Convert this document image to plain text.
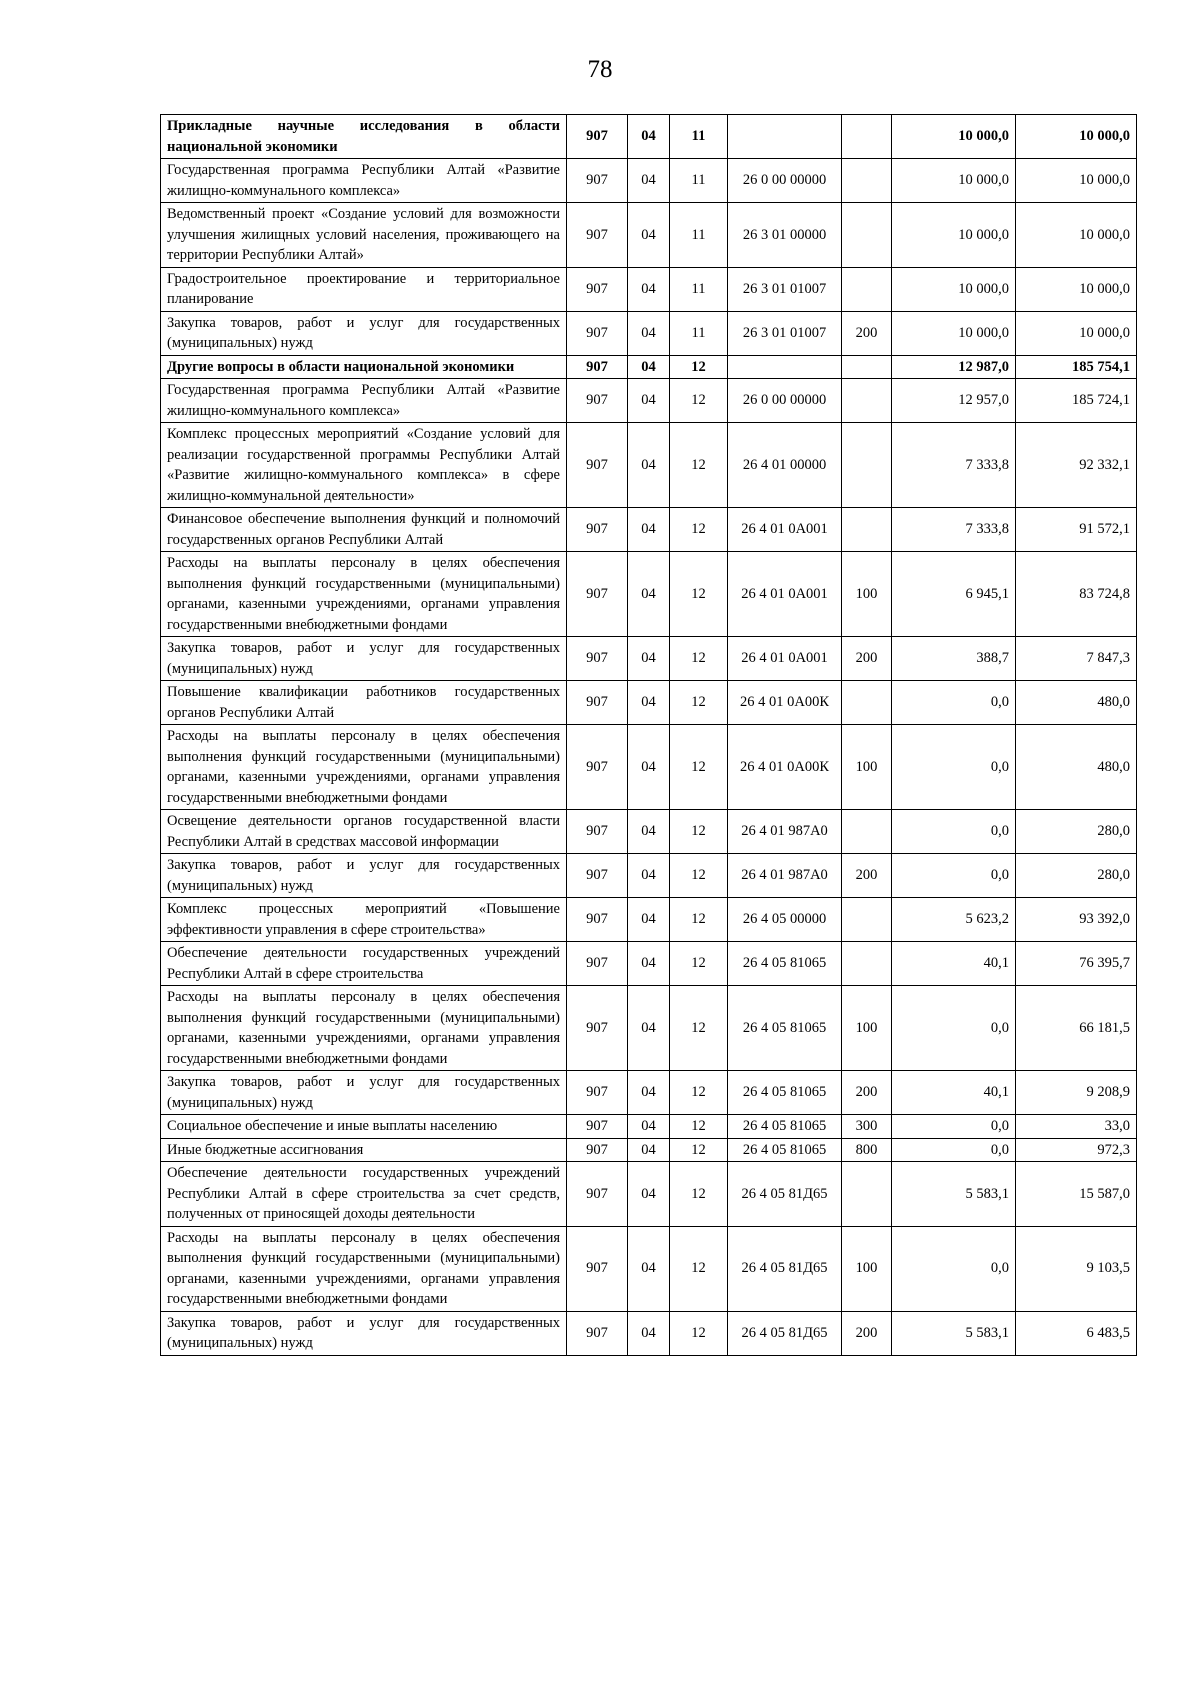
78
Прикладные научные исследования в области национальной экономики	907	04	11			10 000,0	10 000,0
Государственная программа Республики Алтай «Развитие жилищно-коммунального комплекса»	907	04	11	26 0 00 00000		10 000,0	10 000,0
Ведомственный проект «Создание условий для возможности улучшения жилищных условий населения, проживающего на территории Республики Алтай»	907	04	11	26 3 01 00000		10 000,0	10 000,0
Градостроительное проектирование и территориальное планирование	907	04	11	26 3 01 01007		10 000,0	10 000,0
Закупка товаров, работ и услуг для государственных (муниципальных) нужд	907	04	11	26 3 01 01007	200	10 000,0	10 000,0
Другие вопросы в области национальной экономики	907	04	12			12 987,0	185 754,1
Государственная программа Республики Алтай «Развитие жилищно-коммунального комплекса»	907	04	12	26 0 00 00000		12 957,0	185 724,1
Комплекс процессных мероприятий «Создание условий для реализации государственной программы Республики Алтай «Развитие жилищно-коммунального комплекса» в сфере жилищно-коммунальной деятельности»	907	04	12	26 4 01 00000		7 333,8	92 332,1
Финансовое обеспечение выполнения функций и полномочий государственных органов Республики Алтай	907	04	12	26 4 01 0А001		7 333,8	91 572,1
Расходы на выплаты персоналу в целях обеспечения выполнения функций государственными (муниципальными) органами, казенными учреждениями, органами управления государственными внебюджетными фондами	907	04	12	26 4 01 0А001	100	6 945,1	83 724,8
Закупка товаров, работ и услуг для государственных (муниципальных) нужд	907	04	12	26 4 01 0А001	200	388,7	7 847,3
Повышение квалификации работников государственных органов Республики Алтай	907	04	12	26 4 01 0А00К		0,0	480,0
Расходы на выплаты персоналу в целях обеспечения выполнения функций государственными (муниципальными) органами, казенными учреждениями, органами управления государственными внебюджетными фондами	907	04	12	26 4 01 0А00К	100	0,0	480,0
Освещение деятельности органов государственной власти Республики Алтай в средствах массовой информации	907	04	12	26 4 01 987А0		0,0	280,0
Закупка товаров, работ и услуг для государственных (муниципальных) нужд	907	04	12	26 4 01 987А0	200	0,0	280,0
Комплекс процессных мероприятий «Повышение эффективности управления в сфере строительства»	907	04	12	26 4 05 00000		5 623,2	93 392,0
Обеспечение деятельности государственных учреждений Республики Алтай в сфере строительства	907	04	12	26 4 05 81065		40,1	76 395,7
Расходы на выплаты персоналу в целях обеспечения выполнения функций государственными (муниципальными) органами, казенными учреждениями, органами управления государственными внебюджетными фондами	907	04	12	26 4 05 81065	100	0,0	66 181,5
Закупка товаров, работ и услуг для государственных (муниципальных) нужд	907	04	12	26 4 05 81065	200	40,1	9 208,9
Социальное обеспечение и иные выплаты населению	907	04	12	26 4 05 81065	300	0,0	33,0
Иные бюджетные ассигнования	907	04	12	26 4 05 81065	800	0,0	972,3
Обеспечение деятельности государственных учреждений Республики Алтай в сфере строительства за счет средств, полученных от приносящей доходы деятельности	907	04	12	26 4 05 81Д65		5 583,1	15 587,0
Расходы на выплаты персоналу в целях обеспечения выполнения функций государственными (муниципальными) органами, казенными учреждениями, органами управления государственными внебюджетными фондами	907	04	12	26 4 05 81Д65	100	0,0	9 103,5
Закупка товаров, работ и услуг для государственных (муниципальных) нужд	907	04	12	26 4 05 81Д65	200	5 583,1	6 483,5
